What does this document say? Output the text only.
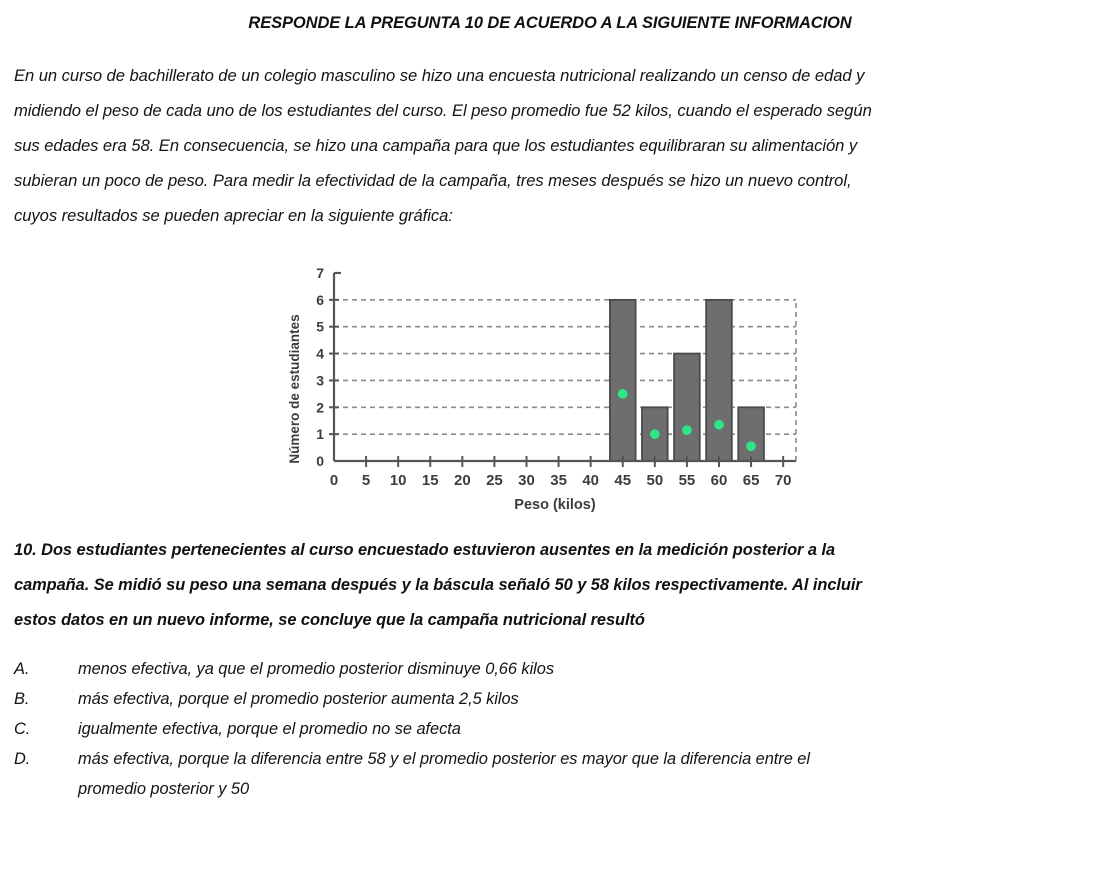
RESPONDE LA PREGUNTA 10 DE ACUERDO A LA SIGUIENTE INFORMACION
En un curso de bachillerato de un colegio masculino se hizo una encuesta nutricional realizando un censo de edad y
midiendo el peso de cada uno de los estudiantes del curso. El peso promedio fue 52 kilos, cuando el esperado según
sus edades era 58. En consecuencia, se hizo una campaña para que los estudiantes equilibraran su alimentación y
subieran un poco de peso. Para medir la efectividad de la campaña, tres meses después se hizo un nuevo control,
cuyos resultados se pueden apreciar en la siguiente gráfica:
Número de estudiantes
Peso (kilos)
0 5 10 15 20 25 30 35 40 45 50 55 60 65 70
0
1
2
3
4
5
6
7
10. Dos estudiantes pertenecientes al curso encuestado estuvieron ausentes en la medición posterior a la
campaña. Se midió su peso una semana después y la báscula señaló 50 y 58 kilos respectivamente. Al incluir
estos datos en un nuevo informe, se concluye que la campaña nutricional resultó
A.	menos efectiva, ya que el promedio posterior disminuye 0,66 kilos
B.	más efectiva, porque el promedio posterior aumenta 2,5 kilos
C.	igualmente efectiva, porque el promedio no se afecta
D.	más efectiva, porque la diferencia entre 58 y el promedio posterior es mayor que la diferencia entre el
promedio posterior y 50
